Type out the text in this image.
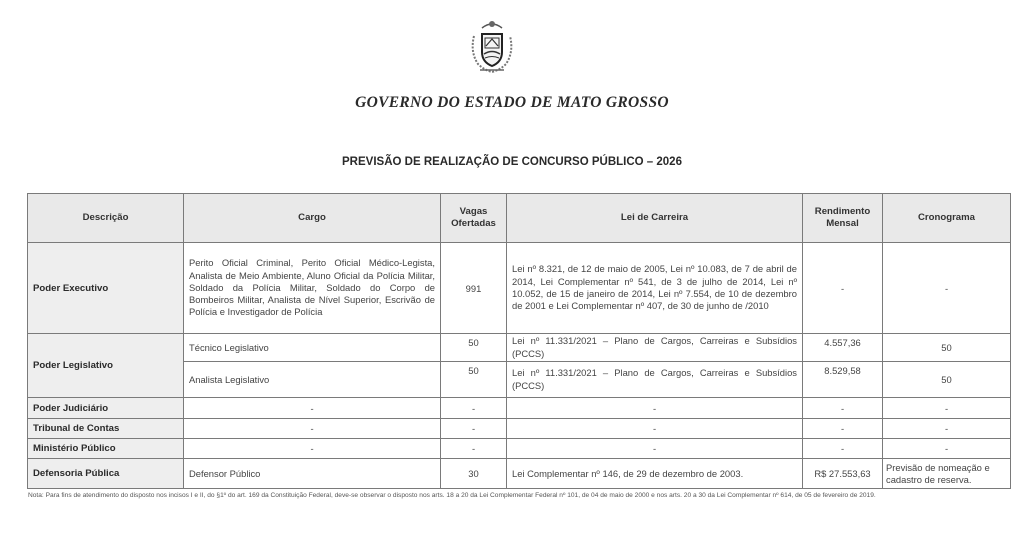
GOVERNO DO ESTADO DE MATO GROSSO
PREVISÃO DE REALIZAÇÃO DE CONCURSO PÚBLICO – 2026
Descrição	Cargo	Vagas Ofertadas	Lei de Carreira	Rendimento Mensal	Cronograma
Poder Executivo	Perito Oficial Criminal, Perito Oficial Médico-Legista, Analista de Meio Ambiente, Aluno Oficial da Polícia Militar, Soldado da Polícia Militar, Soldado do Corpo de Bombeiros Militar, Analista de Nível Superior, Escrivão de Polícia e Investigador de Polícia	991	Lei nº 8.321, de 12 de maio de 2005, Lei nº 10.083, de 7 de abril de 2014, Lei Complementar nº 541, de 3 de julho de 2014, Lei nº 10.052, de 15 de janeiro de 2014, Lei nº 7.554, de 10 de dezembro de 2001 e Lei Complementar nº 407, de 30 de junho de /2010	-	-
Poder Legislativo	Técnico Legislativo	50	Lei nº 11.331/2021 – Plano de Cargos, Carreiras e Subsídios (PCCS)	4.557,36	50
	Analista Legislativo	50	Lei nº 11.331/2021 – Plano de Cargos, Carreiras e Subsídios (PCCS)	8.529,58	50
Poder Judiciário	-	-	-	-	-
Tribunal de Contas	-	-	-	-	-
Ministério Público	-	-	-	-	-
Defensoria Pública	Defensor Público	30	Lei Complementar nº 146, de 29 de dezembro de 2003.	R$ 27.553,63	Previsão de nomeação e cadastro de reserva.
Nota: Para fins de atendimento do disposto nos incisos I e II, do §1º do art. 169 da Constituição Federal, deve-se observar o disposto nos arts. 18 a 20 da Lei Complementar Federal nº 101, de 04 de maio de 2000 e nos arts. 20 a 30 da Lei Complementar nº 614, de 05 de fevereiro de 2019.
